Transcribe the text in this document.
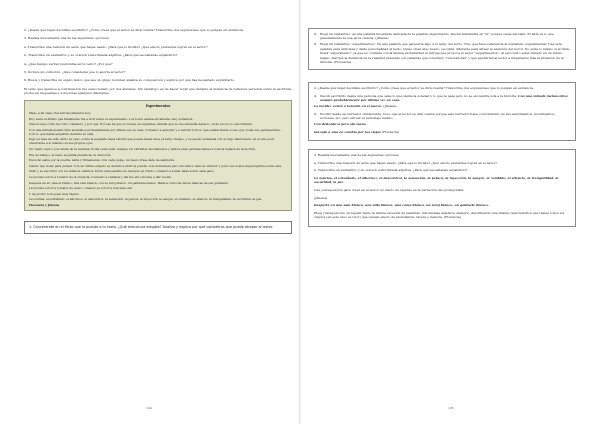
2. ¿Desde qué lugar decidiste escribirlo? ¿Cómo crees que el lector se dirá cuenta? Transcribe dos expresiones que lo pongan en evidencia.

3. Realiza nuevamente una de las siguientes opciones:

a. Transcribe una relación de serie que hayas usado. ¿Para qué lo hiciste? ¿Qué efecto pretendes lograr en el lector?

b. Transcribe un sustantivo y su oración subordinada adjetiva. ¿Para qué necesitabas expandirlo?

4. ¿Qué tiempo verbal predomina en tu texto? ¿Por qué?

5. Incluye un oxímoron. ¿Qué consideras que lo aporta al lector?

6. Busca y transcribe un sujeto léxico que sea un grupo nominal, analiza su composición y explica por qué has necesitado explicitarlo.

El texto que aparece a continuación fue seleccionado por dos alumnas. Sin embargo, en de hacer notar que durante la instancia de reflexión personal sobre la escritura, producen respuestas y soluciones ejemplos diferentes.

Experimentos

Mayo a mi casa, tres mil movimientos hoy.

Hoy sería el último que finalmente iba a vivir sobre el experimento. Los todos estaba encantada; muy soñadora.

Nunca supe cómo fue todo contando, y por qué. Por ese ha que no tomes en suplentes, familia que no me entendía dame lo, ni de un sol, lo encontraste.

Con una mirada melancólica asumimos probablemente por última vez su casa. Comenzó a apreciar y a valorar todo lo que estaba frente a sus ojos: todas sus pertenencias, todo lo que había adquirido durante su vida.

Dejó su taza de café, abrió su vaso, sobre la pequeña mesa ratonil que poseía desde hace ya largo tiempo, y se quedó extasiada con el viejo bandoneón, en el que pudo observarse a sí misma con sus propios ojos.

Un viento sopló; a la altura de la ventana. Podía verse feliz, aunque los vibrantes movimientos y ambos eran pertenecientes a toda la belleza de la lectura.

Era de tiempo, el suelo la gélida presencia, la dirección.

Escuchó sabía por la puerta, lenta y firmemente. Con cada golpe, un nuevo frase fade de sabiduría.

Tenido que doler para pensar. Con un último suspiro se decidió a abrir la puerta. Con delicadeza pero sin temor, salió al exterior y pudo ver el aire imperceptible sobre ella.

Salió y se encontró con los mismos caminos. Estos eran pasillos de siempre ya vivido, comenzó a tomar nada sobre cada paso.

La lucidez volvió a tomarlo de la vivencia. Comenzó a caminar y ahí fue sin volverse a dar vuelta.

Después en su casa el blanco, una vela blanca, con su reloj blanco, un gabinete blanco. Blanca como las flores blancas de sus quimeras.

La lucidez volvió a tomarlo de nuevo. Cuando ya volvió a buscarse ahí.

Y de pronto todo pasó muy rápido.

La sonrisa, el extrañado, el albornoz, el descontrol, la sensación, la peluca, la inyección, la sangre, el zumbido, el silencio, la tranquilidad, la oscuridad, la paz.

Florencia y Jimena
1. Concéntrate en el título que le pusiste a tu texto. ¿Qué estructura elegiste? Analiza y explica por qué consideras que puede atrapar al lector.
104
➤	Elegí un sustantivo: es una palabra inventada derivada de la palabra experimento. Decidí terminarla en "ut" porque viene del latín. El latín es lo que generalmente se usa en la ciencia. (Jimena)
➤	Elegí un sustantivo "experimentos". Es una palabra que parecería algo a lo largo del texto. Creo que hace referencia al sustantivo experimentar. Usé esta palabra para anticipar y darle personalidad al texto. Quise crear algo nuevo, peculiar, diferente para atraer la atención del lector. No sería lo mismo si el título fuera "experimento" ya que no contaría con la misma exclusividad ni intriga que provoca el lector "experimentos". Al esto texto estar situado en un futuro lejano, marqué la distancia de la realidad presente con palabras que considero "renovadoras" y que ayudarían al lector a imaginarse más la situación de la historia. (Florencia)

2. ¿Desde qué lugar decidiste escribirlo? ¿Cómo crees que el lector se dirá cuenta? Transcribe dos expresiones que lo pongan en evidencia.

➤	Decidí escribirlo desde una persona que sabe lo que siente la soledad y lo que le pasa pero no se encuentra sola a la historia. Con una mirada melancólica asumió probablemente por última vez su casa.

La lucidez volvió a tomarla en sí nuevo. (Jimena)

➤	Escribí desde un narrador omnisciente. Creo que el lector se dirá cuenta porque este narrador tiene conocimiento de sus sentimientos, movimientos, acciones, etc. pero sin ser el personaje mismo.

Con delicadeza pero sin mano

lanzada a una en cambio por los viejos (Florencia)

3. Realiza nuevamente una de las siguientes opciones.

a. Transcribe una relación de serie que hayas usado. ¿Para qué lo hiciste? ¿Qué efecto pretendes lograr en el lector?

b. Transcribe un sustantivo y su oración subordinada adjetiva. ¿Para qué necesitabas expandirlo?

La sonrisa, el extrañado, el albornoz, el descontrol, la sensación, la peluca, la inyección, la sangre, el zumbido, el silencio, la tranquilidad, la oscuridad, la paz.

Usé yuxtaposición para crear en el lector un efecto de rapidez en la narración del protagonista.

(Jimena)

Desperté en una sala blanca, una silla blanca, una cama blanca, un reloj blanco, un gabinete blanco.

Elegí yuxtaposición. Al repetir tanto la misma sucesión de palabras, mis mismas adjetivos siempre, describiendo una misma característica que tienen todos los objetos (en este caso el color) que causan efecto de abundancia, rareza y demora. (Florencia)

105
